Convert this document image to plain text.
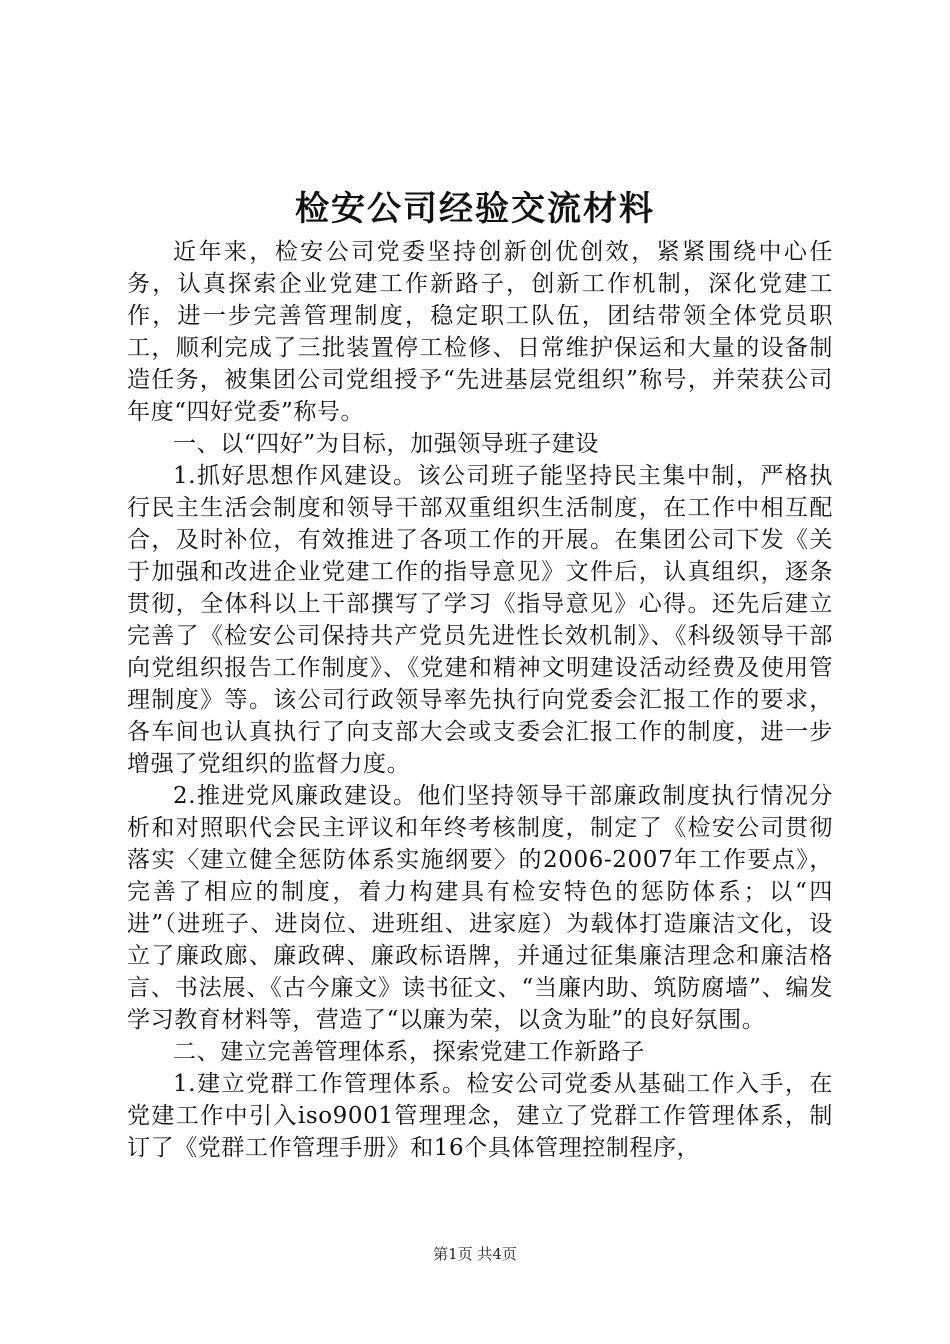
检安公司经验交流材料

近年来，检安公司党委坚持创新创优创效，紧紧围绕中心任务，认真探索企业党建工作新路子，创新工作机制，深化党建工作，进一步完善管理制度，稳定职工队伍，团结带领全体党员职工，顺利完成了三批装置停工检修、日常维护保运和大量的设备制造任务，被集团公司党组授予“先进基层党组织”称号，并荣获公司年度“四好党委”称号。

一、以“四好”为目标，加强领导班子建设

1.抓好思想作风建设。该公司班子能坚持民主集中制，严格执行民主生活会制度和领导干部双重组织生活制度，在工作中相互配合，及时补位，有效推进了各项工作的开展。在集团公司下发《关于加强和改进企业党建工作的指导意见》文件后，认真组织，逐条贯彻，全体科以上干部撰写了学习《指导意见》心得。还先后建立完善了《检安公司保持共产党员先进性长效机制》、《科级领导干部向党组织报告工作制度》、《党建和精神文明建设活动经费及使用管理制度》等。该公司行政领导率先执行向党委会汇报工作的要求，各车间也认真执行了向支部大会或支委会汇报工作的制度，进一步增强了党组织的监督力度。

2.推进党风廉政建设。他们坚持领导干部廉政制度执行情况分析和对照职代会民主评议和年终考核制度，制定了《检安公司贯彻落实〈建立健全惩防体系实施纲要〉的2006-2007年工作要点》，完善了相应的制度，着力构建具有检安特色的惩防体系；以“四进”（进班子、进岗位、进班组、进家庭）为载体打造廉洁文化，设立了廉政廊、廉政碑、廉政标语牌，并通过征集廉洁理念和廉洁格言、书法展、《古今廉文》读书征文、“当廉内助、筑防腐墙”、编发学习教育材料等，营造了“以廉为荣，以贪为耻”的良好氛围。

二、建立完善管理体系，探索党建工作新路子

1.建立党群工作管理体系。检安公司党委从基础工作入手，在党建工作中引入iso9001管理理念，建立了党群工作管理体系，制订了《党群工作管理手册》和16个具体管理控制程序，

第1页 共4页
